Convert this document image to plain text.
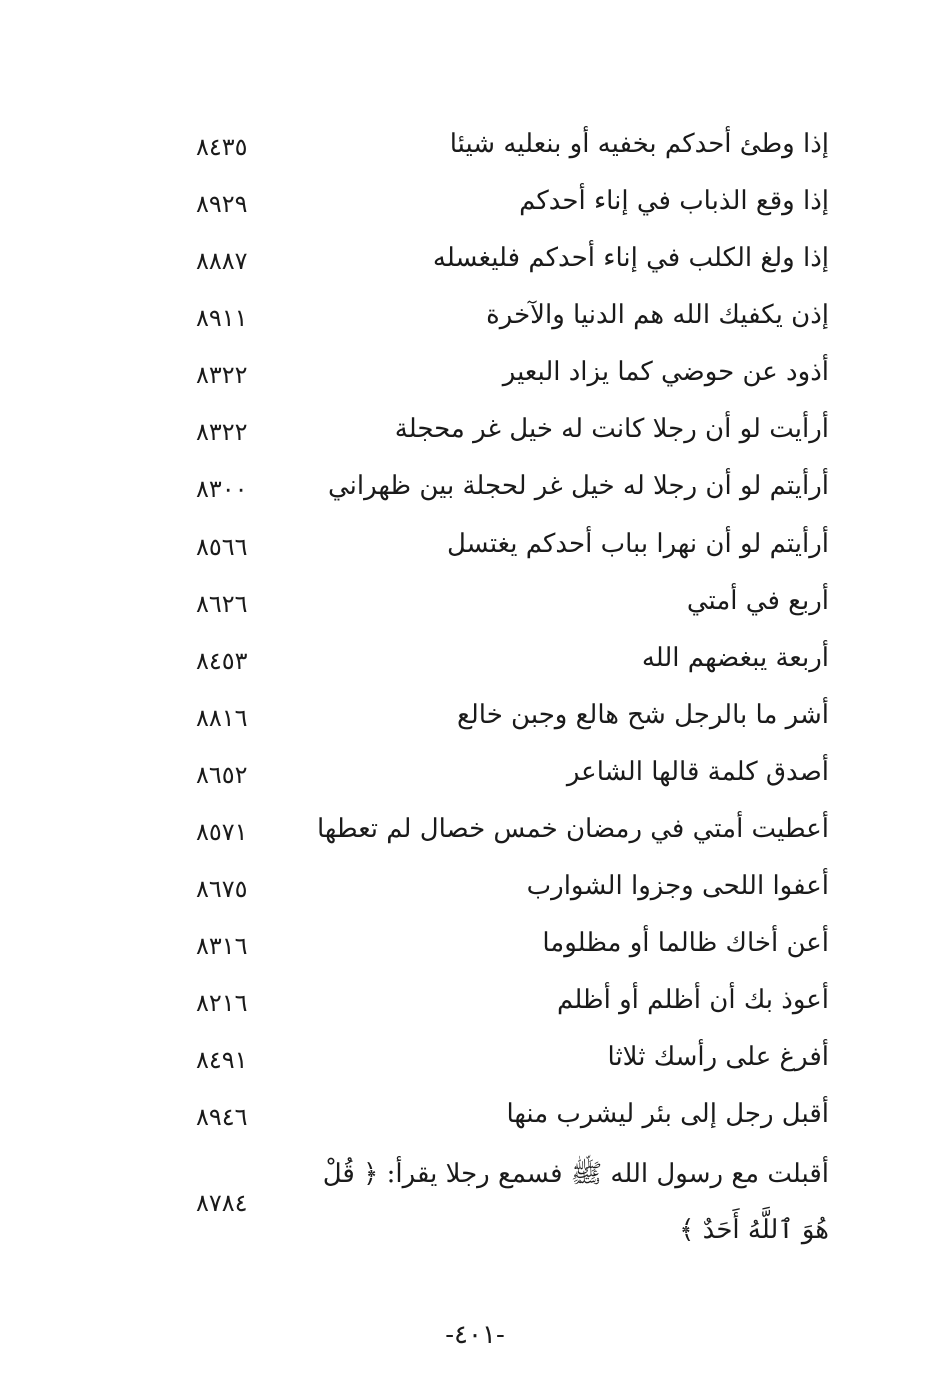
إذا وطئ أحدكم بخفيه أو بنعليه شيئا
٨٤٣٥
إذا وقع الذباب في إناء أحدكم
٨٩٢٩
إذا ولغ الكلب في إناء أحدكم فليغسله
٨٨٨٧
إذن يكفيك الله هم الدنيا والآخرة
٨٩١١
أذود عن حوضي كما يزاد البعير
٨٣٢٢
أرأيت لو أن رجلا كانت له خيل غر محجلة
٨٣٢٢
أرأيتم لو أن رجلا له خيل غر لحجلة بين ظهراني
٨٣٠٠
أرأيتم لو أن نهرا بباب أحدكم يغتسل
٨٥٦٦
أربع في أمتي
٨٦٢٦
أربعة يبغضهم الله
٨٤٥٣
أشر ما بالرجل شح هالع وجبن خالع
٨٨١٦
أصدق كلمة قالها الشاعر
٨٦٥٢
أعطيت أمتي في رمضان خمس خصال لم تعطها
٨٥٧١
أعفوا اللحى وجزوا الشوارب
٨٦٧٥
أعن أخاك ظالما أو مظلوما
٨٣١٦
أعوذ بك أن أظلم أو أظلم
٨٢١٦
أفرغ على رأسك ثلاثا
٨٤٩١
أقبل رجل إلى بئر ليشرب منها
٨٩٤٦
أقبلت مع رسول الله ﷺ فسمع رجلا يقرأ: ﴿ قُلْ هُوَ ٱللَّهُ أَحَدٌ ﴾
٨٧٨٤
-٤٠١-
